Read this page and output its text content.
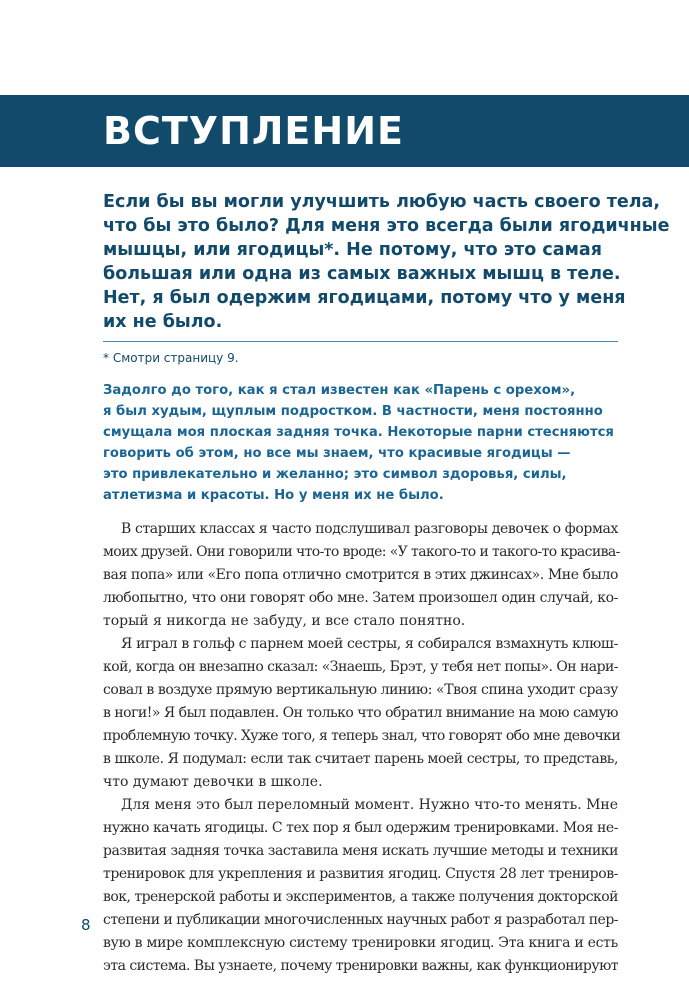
ВСТУПЛЕНИЕ

Если бы вы могли улучшить любую часть своего тела,
что бы это было? Для меня это всегда были ягодичные
мышцы, или ягодицы*. Не потому, что это самая
большая или одна из самых важных мышц в теле.
Нет, я был одержим ягодицами, потому что у меня
их не было.

* Смотри страницу 9.

Задолго до того, как я стал известен как «Парень с орехом»,
я был худым, щуплым подростком. В частности, меня постоянно
смущала моя плоская задняя точка. Некоторые парни стесняются
говорить об этом, но все мы знаем, что красивые ягодицы —
это привлекательно и желанно; это символ здоровья, силы,
атлетизма и красоты. Но у меня их не было.

В старших классах я часто подслушивал разговоры девочек о формах
моих друзей. Они говорили что-то вроде: «У такого-то и такого-то красива-
вая попа» или «Его попа отлично смотрится в этих джинсах». Мне было
любопытно, что они говорят обо мне. Затем произошел один случай, ко-
торый я никогда не забуду, и все стало понятно.
Я играл в гольф с парнем моей сестры, я собирался взмахнуть клюш-
кой, когда он внезапно сказал: «Знаешь, Брэт, у тебя нет попы». Он нари-
совал в воздухе прямую вертикальную линию: «Твоя спина уходит сразу
в ноги!» Я был подавлен. Он только что обратил внимание на мою самую
проблемную точку. Хуже того, я теперь знал, что говорят обо мне девочки
в школе. Я подумал: если так считает парень моей сестры, то представь,
что думают девочки в школе.
Для меня это был переломный момент. Нужно что-то менять. Мне
нужно качать ягодицы. С тех пор я был одержим тренировками. Моя не-
развитая задняя точка заставила меня искать лучшие методы и техники
тренировок для укрепления и развития ягодиц. Спустя 28 лет трениров-
вок, тренерской работы и экспериментов, а также получения докторской
степени и публикации многочисленных научных работ я разработал пер-
вую в мире комплексную систему тренировки ягодиц. Эта книга и есть
эта система. Вы узнаете, почему тренировки важны, как функционируют

8
